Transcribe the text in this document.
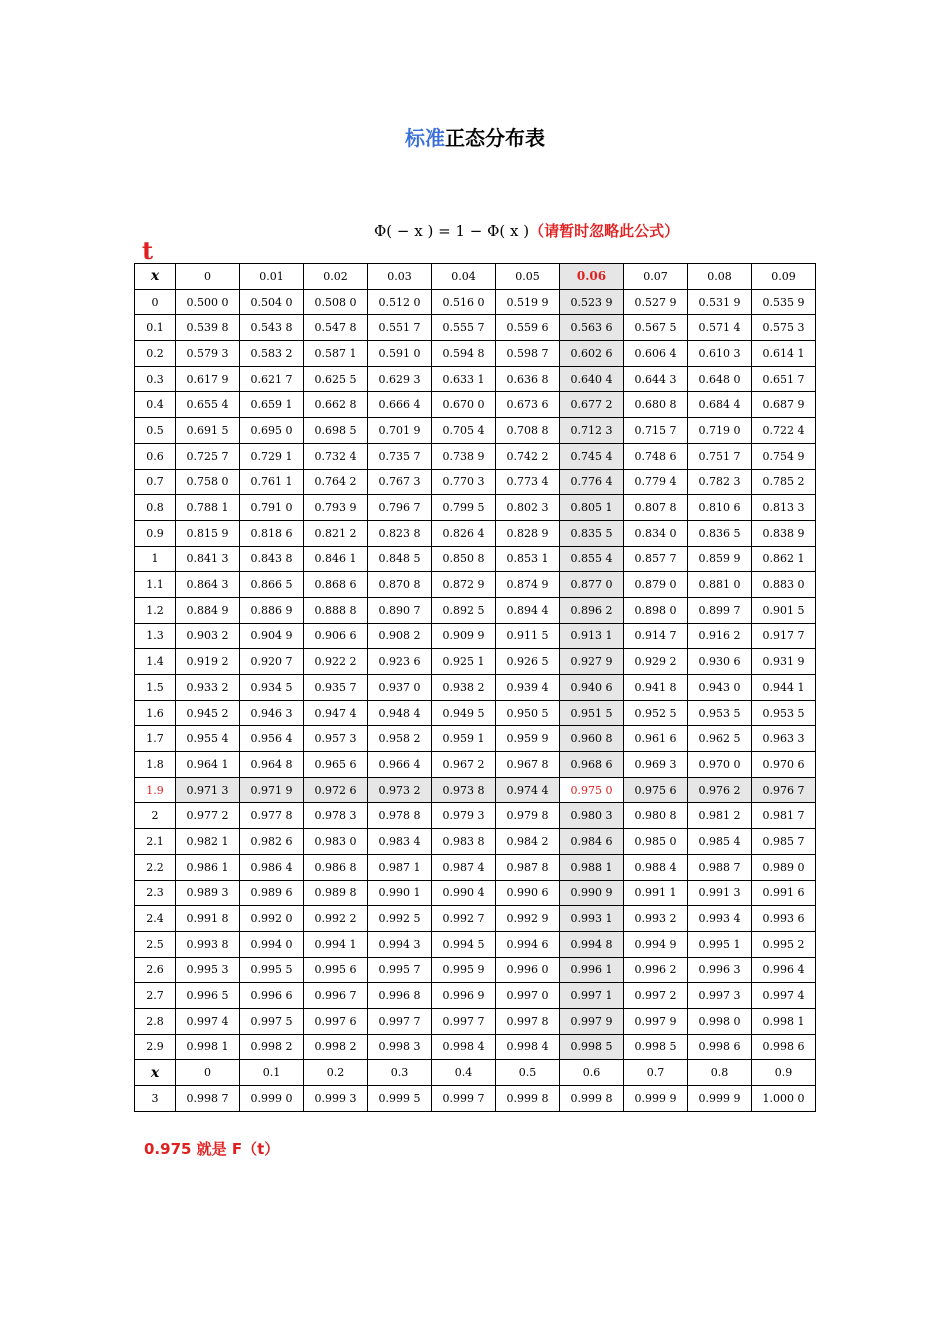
标准正态分布表
Φ( − x ) = 1 − Φ( x )（请暂时忽略此公式）
t
x	0	0.01	0.02	0.03	0.04	0.05	0.06	0.07	0.08	0.09
0	0.500 0	0.504 0	0.508 0	0.512 0	0.516 0	0.519 9	0.523 9	0.527 9	0.531 9	0.535 9
0.1	0.539 8	0.543 8	0.547 8	0.551 7	0.555 7	0.559 6	0.563 6	0.567 5	0.571 4	0.575 3
0.2	0.579 3	0.583 2	0.587 1	0.591 0	0.594 8	0.598 7	0.602 6	0.606 4	0.610 3	0.614 1
0.3	0.617 9	0.621 7	0.625 5	0.629 3	0.633 1	0.636 8	0.640 4	0.644 3	0.648 0	0.651 7
0.4	0.655 4	0.659 1	0.662 8	0.666 4	0.670 0	0.673 6	0.677 2	0.680 8	0.684 4	0.687 9
0.5	0.691 5	0.695 0	0.698 5	0.701 9	0.705 4	0.708 8	0.712 3	0.715 7	0.719 0	0.722 4
0.6	0.725 7	0.729 1	0.732 4	0.735 7	0.738 9	0.742 2	0.745 4	0.748 6	0.751 7	0.754 9
0.7	0.758 0	0.761 1	0.764 2	0.767 3	0.770 3	0.773 4	0.776 4	0.779 4	0.782 3	0.785 2
0.8	0.788 1	0.791 0	0.793 9	0.796 7	0.799 5	0.802 3	0.805 1	0.807 8	0.810 6	0.813 3
0.9	0.815 9	0.818 6	0.821 2	0.823 8	0.826 4	0.828 9	0.835 5	0.834 0	0.836 5	0.838 9
1	0.841 3	0.843 8	0.846 1	0.848 5	0.850 8	0.853 1	0.855 4	0.857 7	0.859 9	0.862 1
1.1	0.864 3	0.866 5	0.868 6	0.870 8	0.872 9	0.874 9	0.877 0	0.879 0	0.881 0	0.883 0
1.2	0.884 9	0.886 9	0.888 8	0.890 7	0.892 5	0.894 4	0.896 2	0.898 0	0.899 7	0.901 5
1.3	0.903 2	0.904 9	0.906 6	0.908 2	0.909 9	0.911 5	0.913 1	0.914 7	0.916 2	0.917 7
1.4	0.919 2	0.920 7	0.922 2	0.923 6	0.925 1	0.926 5	0.927 9	0.929 2	0.930 6	0.931 9
1.5	0.933 2	0.934 5	0.935 7	0.937 0	0.938 2	0.939 4	0.940 6	0.941 8	0.943 0	0.944 1
1.6	0.945 2	0.946 3	0.947 4	0.948 4	0.949 5	0.950 5	0.951 5	0.952 5	0.953 5	0.953 5
1.7	0.955 4	0.956 4	0.957 3	0.958 2	0.959 1	0.959 9	0.960 8	0.961 6	0.962 5	0.963 3
1.8	0.964 1	0.964 8	0.965 6	0.966 4	0.967 2	0.967 8	0.968 6	0.969 3	0.970 0	0.970 6
1.9	0.971 3	0.971 9	0.972 6	0.973 2	0.973 8	0.974 4	0.975 0	0.975 6	0.976 2	0.976 7
2	0.977 2	0.977 8	0.978 3	0.978 8	0.979 3	0.979 8	0.980 3	0.980 8	0.981 2	0.981 7
2.1	0.982 1	0.982 6	0.983 0	0.983 4	0.983 8	0.984 2	0.984 6	0.985 0	0.985 4	0.985 7
2.2	0.986 1	0.986 4	0.986 8	0.987 1	0.987 4	0.987 8	0.988 1	0.988 4	0.988 7	0.989 0
2.3	0.989 3	0.989 6	0.989 8	0.990 1	0.990 4	0.990 6	0.990 9	0.991 1	0.991 3	0.991 6
2.4	0.991 8	0.992 0	0.992 2	0.992 5	0.992 7	0.992 9	0.993 1	0.993 2	0.993 4	0.993 6
2.5	0.993 8	0.994 0	0.994 1	0.994 3	0.994 5	0.994 6	0.994 8	0.994 9	0.995 1	0.995 2
2.6	0.995 3	0.995 5	0.995 6	0.995 7	0.995 9	0.996 0	0.996 1	0.996 2	0.996 3	0.996 4
2.7	0.996 5	0.996 6	0.996 7	0.996 8	0.996 9	0.997 0	0.997 1	0.997 2	0.997 3	0.997 4
2.8	0.997 4	0.997 5	0.997 6	0.997 7	0.997 7	0.997 8	0.997 9	0.997 9	0.998 0	0.998 1
2.9	0.998 1	0.998 2	0.998 2	0.998 3	0.998 4	0.998 4	0.998 5	0.998 5	0.998 6	0.998 6
x	0	0.1	0.2	0.3	0.4	0.5	0.6	0.7	0.8	0.9
3	0.998 7	0.999 0	0.999 3	0.999 5	0.999 7	0.999 8	0.999 8	0.999 9	0.999 9	1.000 0
0.975 就是 F（t）
